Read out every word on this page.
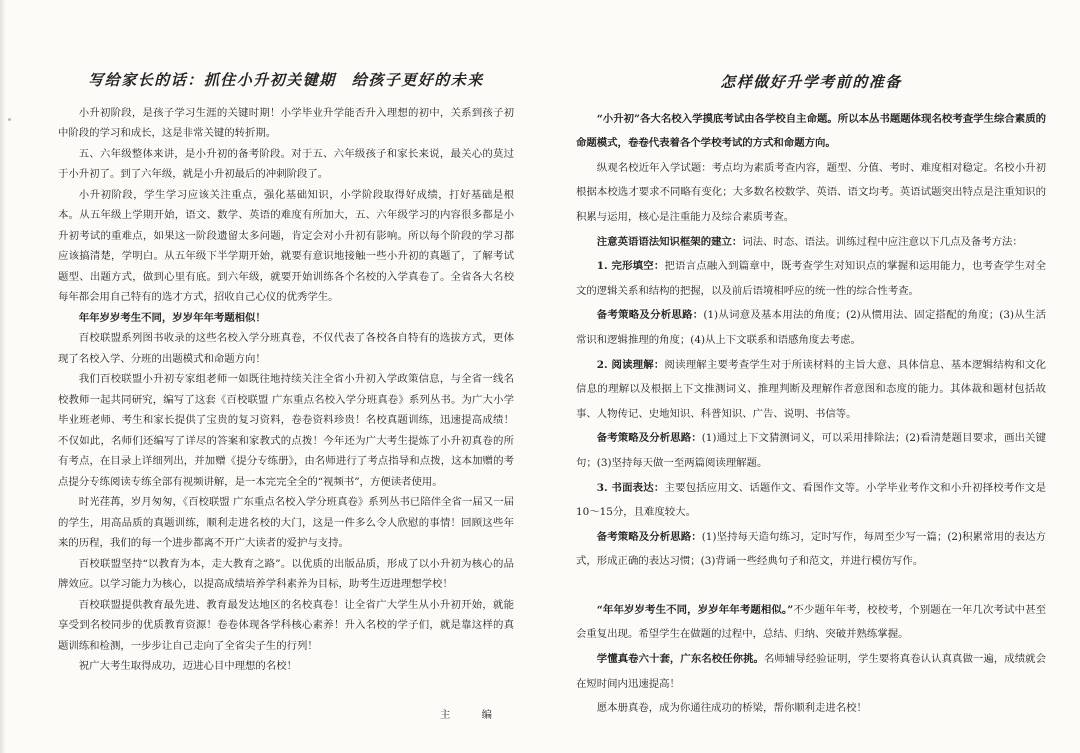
写给家长的话：抓住小升初关键期 给孩子更好的未来

小升初阶段，是孩子学习生涯的关键时期！小学毕业升学能否升入理想的初中，关系到孩子初中阶段的学习和成长，这是非常关键的转折期。

五、六年级整体来讲，是小升初的备考阶段。对于五、六年级孩子和家长来说，最关心的莫过于小升初了。到了六年级，就是小升初最后的冲刺阶段了。

小升初阶段，学生学习应该关注重点，强化基础知识，小学阶段取得好成绩，打好基础是根本。从五年级上学期开始，语文、数学、英语的难度有所加大，五、六年级学习的内容很多都是小升初考试的重难点，如果这一阶段遗留太多问题，肯定会对小升初有影响。所以每个阶段的学习都应该搞清楚，学明白。从五年级下半学期开始，就要有意识地接触一些小升初的真题了，了解考试题型、出题方式，做到心里有底。到六年级，就要开始训练各个名校的入学真卷了。全省各大名校每年都会用自己特有的选才方式，招收自己心仪的优秀学生。

年年岁岁考生不同，岁岁年年考题相似！

百校联盟系列图书收录的这些名校入学分班真卷，不仅代表了各校各自特有的选拔方式，更体现了名校入学、分班的出题模式和命题方向！

我们百校联盟小升初专家组老师一如既往地持续关注全省小升初入学政策信息，与全省一线名校教师一起共同研究，编写了这套《百校联盟 广东重点名校入学分班真卷》系列丛书。为广大小学毕业班老师、考生和家长提供了宝贵的复习资料，卷卷资料珍贵！名校真题训练，迅速提高成绩！不仅如此，名师们还编写了详尽的答案和家教式的点拨！今年还为广大考生提炼了小升初真卷的所有考点，在目录上详细列出，并加赠《提分专练册》，由名师进行了考点指导和点拨，这本加赠的考点提分专练阅读专练全部有视频讲解，是一本完完全全的“视频书”，方便读者使用。

时光荏苒，岁月匆匆，《百校联盟 广东重点名校入学分班真卷》系列丛书已陪伴全省一届又一届的学生，用高品质的真题训练，顺利走进名校的大门，这是一件多么令人欣慰的事情！回顾这些年来的历程，我们的每一个进步都离不开广大读者的爱护与支持。

百校联盟坚持“以教育为本，走大教育之路”。以优质的出版品质，形成了以小升初为核心的品牌效应。以学习能力为核心，以提高成绩培养学科素养为目标，助考生迈进理想学校！

百校联盟提供教育最先进、教育最发达地区的名校真卷！让全省广大学生从小升初开始，就能享受到名校同步的优质教育资源！卷卷体现各学科核心素养！升入名校的学子们，就是靠这样的真题训练和检测，一步步让自己走向了全省尖子生的行列！

祝广大考生取得成功，迈进心目中理想的名校！

主 编

怎样做好升学考前的准备

“小升初”各大名校入学摸底考试由各学校自主命题。所以本丛书题题体现名校考查学生综合素质的命题模式，卷卷代表着各个学校考试的方式和命题方向。

纵观名校近年入学试题：考点均为素质考查内容，题型、分值、考时、难度相对稳定。名校小升初根据本校选才要求不同略有变化；大多数名校数学、英语、语文均考。英语试题突出特点是注重知识的积累与运用，核心是注重能力及综合素质考查。

注意英语语法知识框架的建立：词法、时态、语法。训练过程中应注意以下几点及备考方法：

1. 完形填空：把语言点融入到篇章中，既考查学生对知识点的掌握和运用能力，也考查学生对全文的逻辑关系和结构的把握，以及前后语境相呼应的统一性的综合性考查。

备考策略及分析思路：(1)从词意及基本用法的角度；(2)从惯用法、固定搭配的角度；(3)从生活常识和逻辑推理的角度；(4)从上下文联系和语感角度去考虑。

2. 阅读理解：阅读理解主要考查学生对于所读材料的主旨大意、具体信息、基本逻辑结构和文化信息的理解以及根据上下文推测词义、推理判断及理解作者意图和态度的能力。其体裁和题材包括故事、人物传记、史地知识、科普知识、广告、说明、书信等。

备考策略及分析思路：(1)通过上下文猜测词义，可以采用排除法；(2)看清楚题目要求，画出关键句；(3)坚持每天做一至两篇阅读理解题。

3. 书面表达：主要包括应用文、话题作文、看图作文等。小学毕业考作文和小升初择校考作文是10～15分，且难度较大。

备考策略及分析思路：(1)坚持每天造句练习，定时写作，每周至少写一篇；(2)积累常用的表达方式，形成正确的表达习惯；(3)背诵一些经典句子和范文，并进行模仿写作。

“年年岁岁考生不同，岁岁年年考题相似。”不少题年年考，校校考，个别题在一年几次考试中甚至会重复出现。希望学生在做题的过程中，总结、归纳、突破并熟练掌握。

学懂真卷六十套，广东名校任你挑。名师辅导经验证明，学生要将真卷认认真真做一遍，成绩就会在短时间内迅速提高！

愿本册真卷，成为你通往成功的桥梁，帮你顺利走进名校！
